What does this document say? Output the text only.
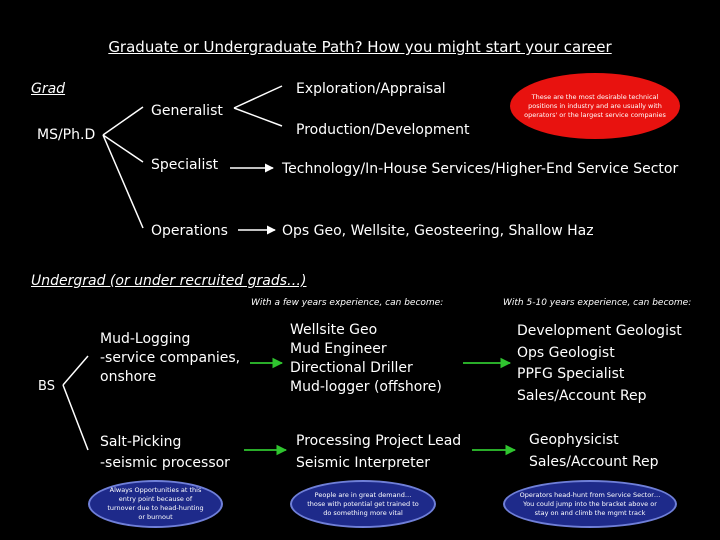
Graduate or Undergraduate Path? How you might start your career
Grad
MS/Ph.D
Generalist
Exploration/Appraisal
Production/Development
Specialist	Technology/In-House Services/Higher-End Service Sector
Operations	Ops Geo, Wellsite, Geosteering, Shallow Haz
These are the most desirable technical positions in industry and are usually with operators' or the largest service companies
Undergrad (or under recruited grads…)
With a few years experience, can become:	With 5-10 years experience, can become:
BS
Mud-Logging
-service companies,
onshore
Wellsite Geo
Mud Engineer
Directional Driller
Mud-logger (offshore)
Development Geologist
Ops Geologist
PPFG Specialist
Sales/Account Rep
Salt-Picking
-seismic processor
Processing Project Lead
Seismic Interpreter
Geophysicist
Sales/Account Rep
Always Opportunities at this entry point because of turnover due to head-hunting or burnout
People are in great demand… those with potential get trained to do something more vital
Operators head-hunt from Service Sector… You could jump into the bracket above or stay on and climb the mgmt track
